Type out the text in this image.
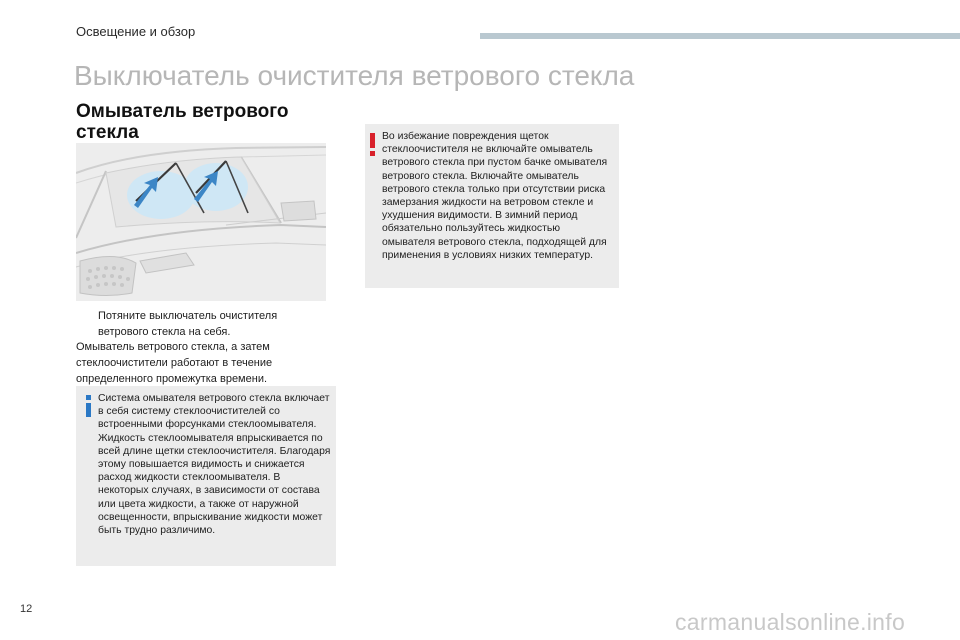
Освещение и обзор
Выключатель очистителя ветрового стекла
Омыватель ветрового стекла
Потяните выключатель очистителя ветрового стекла на себя.
Омыватель ветрового стекла, а затем стеклоочистители работают в течение определенного промежутка времени.
Система омывателя ветрового стекла включает в себя систему стеклоочистителей со встроенными форсунками стеклоомывателя. Жидкость стеклоомывателя впрыскивается по всей длине щетки стеклоочистителя. Благодаря этому повышается видимость и снижается расход жидкости стеклоомывателя. В некоторых случаях, в зависимости от состава или цвета жидкости, а также от наружной освещенности, впрыскивание жидкости может быть трудно различимо.
Во избежание повреждения щеток стеклоочистителя не включайте омыватель ветрового стекла при пустом бачке омывателя ветрового стекла. Включайте омыватель ветрового стекла только при отсутствии риска замерзания жидкости на ветровом стекле и ухудшения видимости. В зимний период обязательно пользуйтесь жидкостью омывателя ветрового стекла, подходящей для применения в условиях низких температур.
12	carmanualsonline.info
